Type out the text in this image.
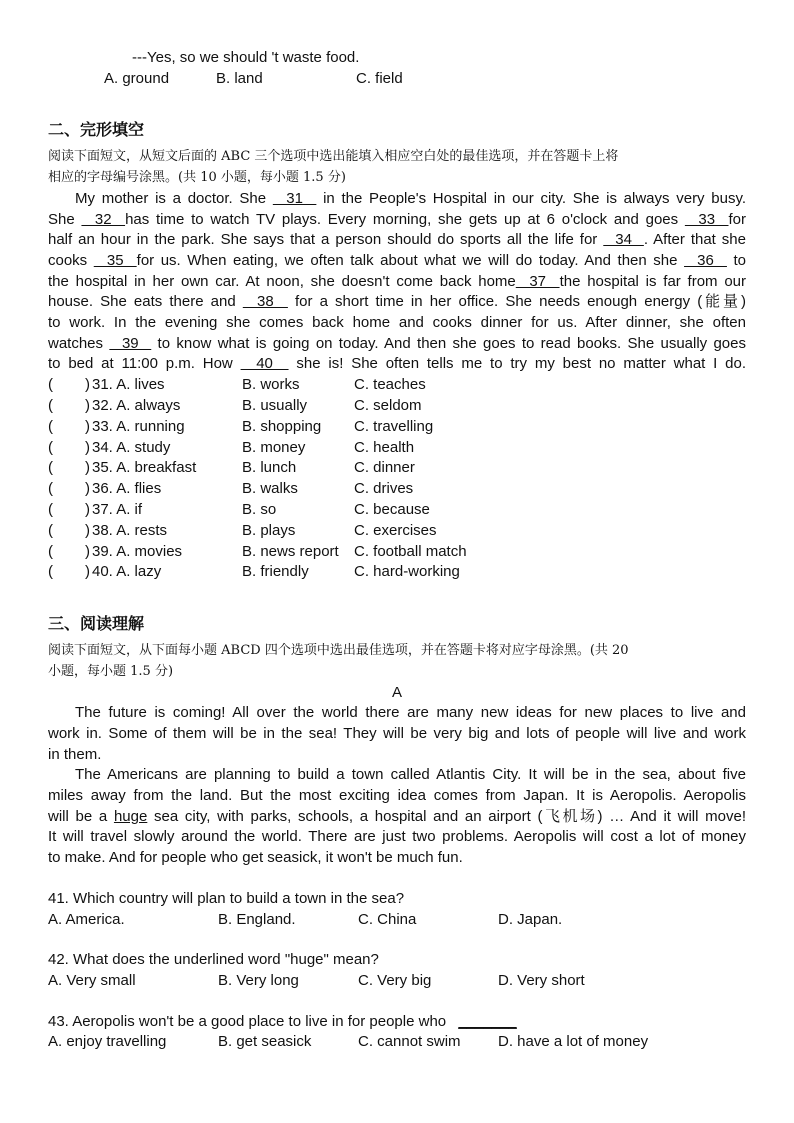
---Yes, so we should 't waste food.
A. ground	B. land	C. field
二、完形填空
阅读下面短文，从短文后面的 ABC 三个选项中选出能填入相应空白处的最佳选项，并在答题卡上将
相应的字母编号涂黑。(共 10 小题，每小题 1.5 分)
My mother is a doctor. She   31   in the People's Hospital in our city. She is always very busy.
She   32  has time to watch TV plays. Every morning, she gets up at 6 o'clock and goes   33  for
half an hour in the park. She says that a person should do sports all the life for   34  . After that she
cooks   35  for us. When eating, we often talk about what we will do today. And then she   36   to
the hospital in her own car. At noon, she doesn't come back home  37  the hospital is far from our
house. She eats there and   38   for a short time in her office. She needs enough energy (能量)
to work. In the evening she comes back home and cooks dinner for us. After dinner, she often
watches   39   to know what is going on today. And then she goes to read books. She usually goes
to bed at 11:00 p.m. How   40   she is! She often tells me to try my best no matter what I do.
( ) 31. A. lives	B. works	C. teaches
( ) 32. A. always	B. usually	C. seldom
( ) 33. A. running	B. shopping	C. travelling
( ) 34. A. study	B. money	C. health
( ) 35. A. breakfast	B. lunch	C. dinner
( ) 36. A. flies	B. walks	C. drives
( ) 37. A. if	B. so	C. because
( ) 38. A. rests	B. plays	C. exercises
( ) 39. A. movies	B. news report	C. football match
( ) 40. A. lazy	B. friendly	C. hard-working
三、阅读理解
阅读下面短文，从下面每小题 ABCD 四个选项中选出最佳选项，并在答题卡将对应字母涂黑。(共 20
小题，每小题 1.5 分)
A
The future is coming! All over the world there are many new ideas for new places to live and
work in. Some of them will be in the sea! They will be very big and lots of people will live and work
in them.
The Americans are planning to build a town called Atlantis City. It will be in the sea, about five
miles away from the land. But the most exciting idea comes from Japan. It is Aeropolis. Aeropolis
will be a huge sea city, with parks, schools, a hospital and an airport (飞机场) … And it will move!
It will travel slowly around the world. There are just two problems. Aeropolis will cost a lot of money
to make. And for people who get seasick, it won't be much fun.
41. Which country will plan to build a town in the sea?
A. America.	B. England.	C. China	D. Japan.
42. What does the underlined word "huge" mean?
A. Very small	B. Very long	C. Very big	D. Very short
43. Aeropolis won't be a good place to live in for people who _______
A. enjoy travelling	B. get seasick	C. cannot swim	D. have a lot of money
